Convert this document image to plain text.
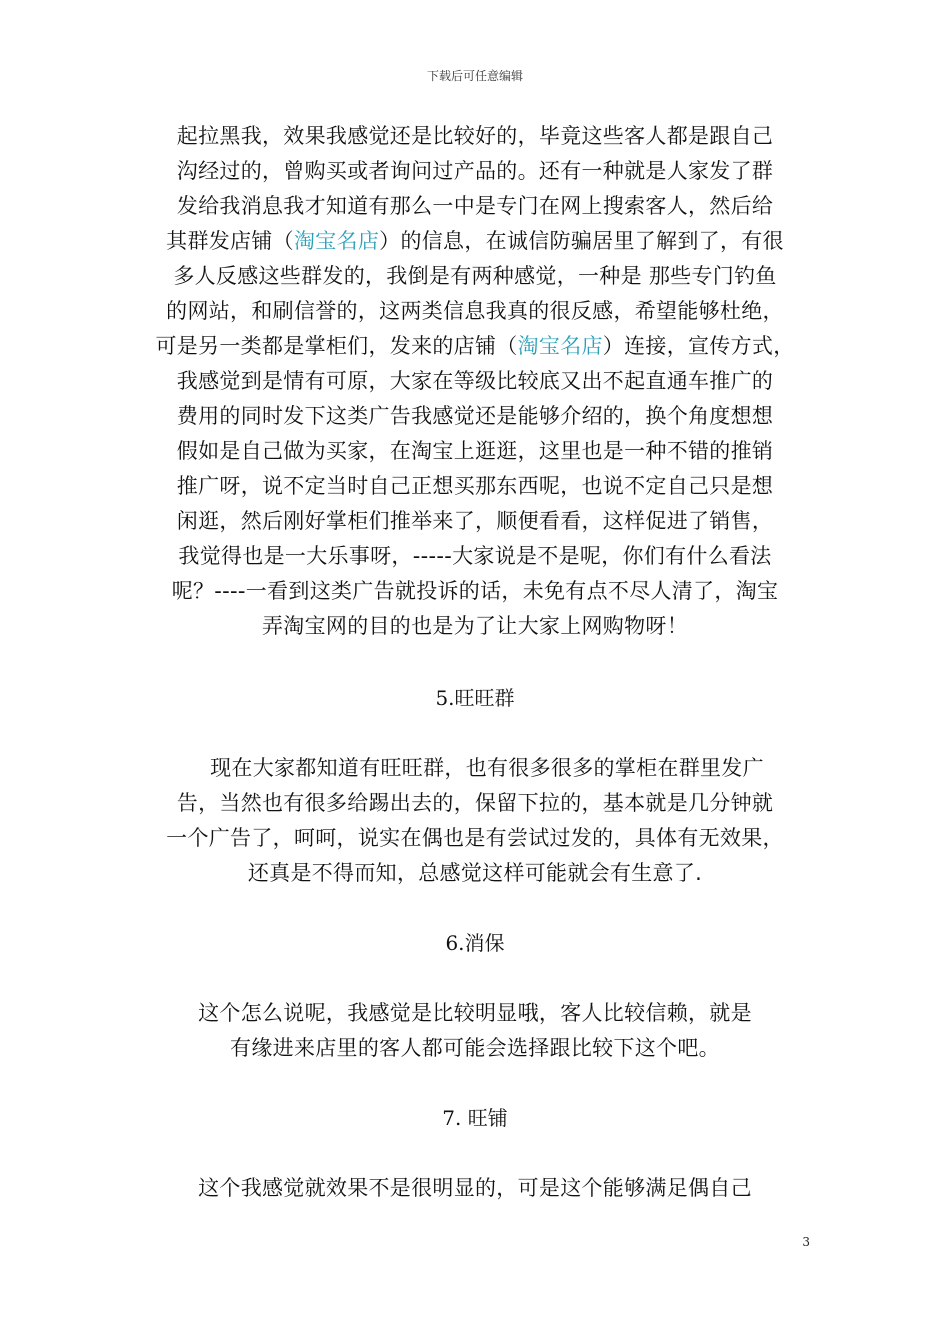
下载后可任意编辑
起拉黑我，效果我感觉还是比较好的，毕竟这些客人都是跟自己
沟经过的，曾购买或者询问过产品的。还有一种就是人家发了群
发给我消息我才知道有那么一中是专门在网上搜索客人，然后给
其群发店铺（淘宝名店）的信息，在诚信防骗居里了解到了，有很
多人反感这些群发的，我倒是有两种感觉，一种是 那些专门钓鱼
的网站，和刷信誉的，这两类信息我真的很反感，希望能够杜绝，
可是另一类都是掌柜们，发来的店铺（淘宝名店）连接，宣传方式，
我感觉到是情有可原，大家在等级比较底又出不起直通车推广的
费用的同时发下这类广告我感觉还是能够介绍的，换个角度想想
假如是自己做为买家，在淘宝上逛逛，这里也是一种不错的推销
推广呀，说不定当时自己正想买那东西呢，也说不定自己只是想
闲逛，然后刚好掌柜们推举来了，顺便看看，这样促进了销售，
我觉得也是一大乐事呀，-----大家说是不是呢，你们有什么看法
呢？----一看到这类广告就投诉的话，未免有点不尽人清了，淘宝
弄淘宝网的目的也是为了让大家上网购物呀！
5.旺旺群
现在大家都知道有旺旺群，也有很多很多的掌柜在群里发广
告，当然也有很多给踢出去的，保留下拉的，基本就是几分钟就
一个广告了，呵呵，说实在偶也是有尝试过发的，具体有无效果，
还真是不得而知，总感觉这样可能就会有生意了.
6.消保
这个怎么说呢，我感觉是比较明显哦，客人比较信赖，就是
有缘进来店里的客人都可能会选择跟比较下这个吧。
7. 旺铺
这个我感觉就效果不是很明显的，可是这个能够满足偶自己
3
